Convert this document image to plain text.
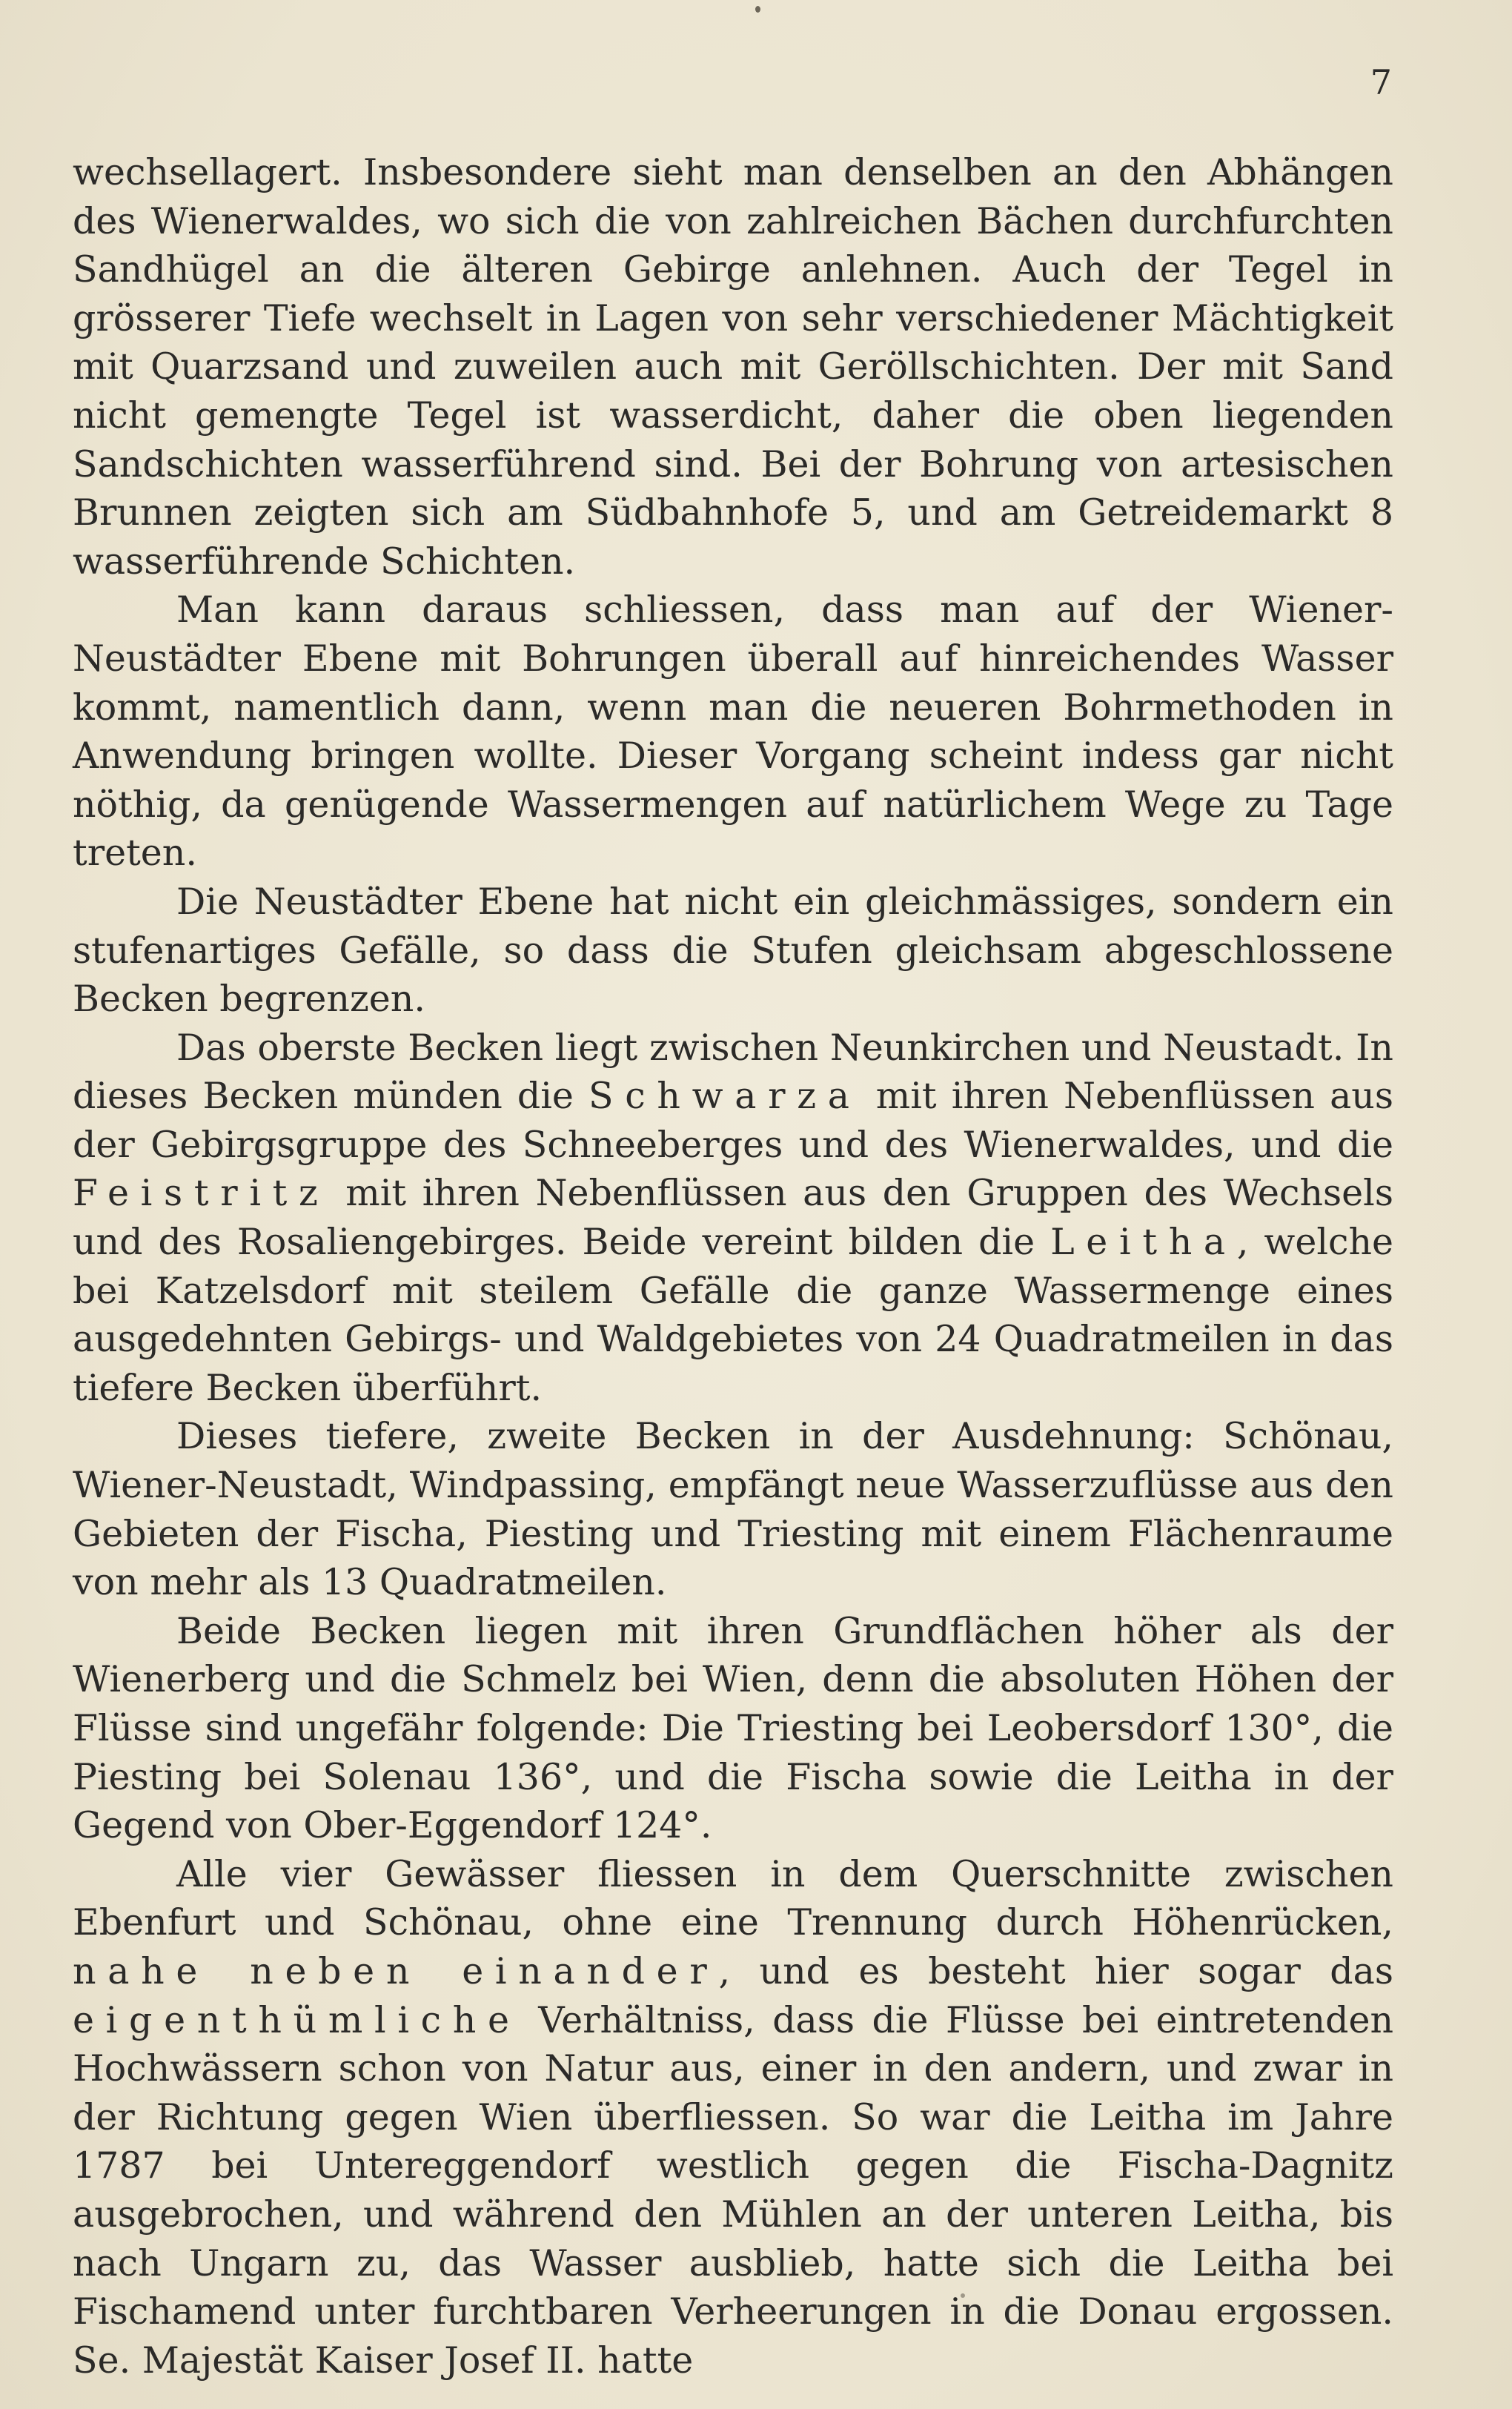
7

wechsellagert. Insbesondere sieht man denselben an den Abhängen des Wienerwaldes, wo sich die von zahlreichen Bächen durchfurchten Sandhügel an die älteren Gebirge anlehnen. Auch der Tegel in grösserer Tiefe wechselt in Lagen von sehr verschiedener Mächtigkeit mit Quarzsand und zuweilen auch mit Geröllschichten. Der mit Sand nicht gemengte Tegel ist wasserdicht, daher die oben liegenden Sandschichten wasserführend sind. Bei der Bohrung von artesischen Brunnen zeigten sich am Südbahnhofe 5, und am Getreidemarkt 8 wasserführende Schichten.

Man kann daraus schliessen, dass man auf der Wiener-Neustädter Ebene mit Bohrungen überall auf hinreichendes Wasser kommt, namentlich dann, wenn man die neueren Bohrmethoden in Anwendung bringen wollte. Dieser Vorgang scheint indess gar nicht nöthig, da genügende Wassermengen auf natürlichem Wege zu Tage treten.

Die Neustädter Ebene hat nicht ein gleichmässiges, sondern ein stufenartiges Gefälle, so dass die Stufen gleichsam abgeschlossene Becken begrenzen.

Das oberste Becken liegt zwischen Neunkirchen und Neustadt. In dieses Becken münden die Schwarza mit ihren Nebenflüssen aus der Gebirgsgruppe des Schneeberges und des Wienerwaldes, und die Feistritz mit ihren Nebenflüssen aus den Gruppen des Wechsels und des Rosaliengebirges. Beide vereint bilden die Leitha, welche bei Katzelsdorf mit steilem Gefälle die ganze Wassermenge eines ausgedehnten Gebirgs- und Waldgebietes von 24 Quadratmeilen in das tiefere Becken überführt.

Dieses tiefere, zweite Becken in der Ausdehnung: Schönau, Wiener-Neustadt, Windpassing, empfängt neue Wasserzuflüsse aus den Gebieten der Fischa, Piesting und Triesting mit einem Flächenraume von mehr als 13 Quadratmeilen.

Beide Becken liegen mit ihren Grundflächen höher als der Wienerberg und die Schmelz bei Wien, denn die absoluten Höhen der Flüsse sind ungefähr folgende: Die Triesting bei Leobersdorf 130°, die Piesting bei Solenau 136°, und die Fischa sowie die Leitha in der Gegend von Ober-Eggendorf 124°.

Alle vier Gewässer fliessen in dem Querschnitte zwischen Ebenfurt und Schönau, ohne eine Trennung durch Höhenrücken, nahe neben einander, und es besteht hier sogar das eigenthümliche Verhältniss, dass die Flüsse bei eintretenden Hochwässern schon von Natur aus, einer in den andern, und zwar in der Richtung gegen Wien überfliessen. So war die Leitha im Jahre 1787 bei Untereggendorf westlich gegen die Fischa-Dagnitz ausgebrochen, und während den Mühlen an der unteren Leitha, bis nach Ungarn zu, das Wasser ausblieb, hatte sich die Leitha bei Fischamend unter furchtbaren Verheerungen in die Donau ergossen. Se. Majestät Kaiser Josef II. hatte
